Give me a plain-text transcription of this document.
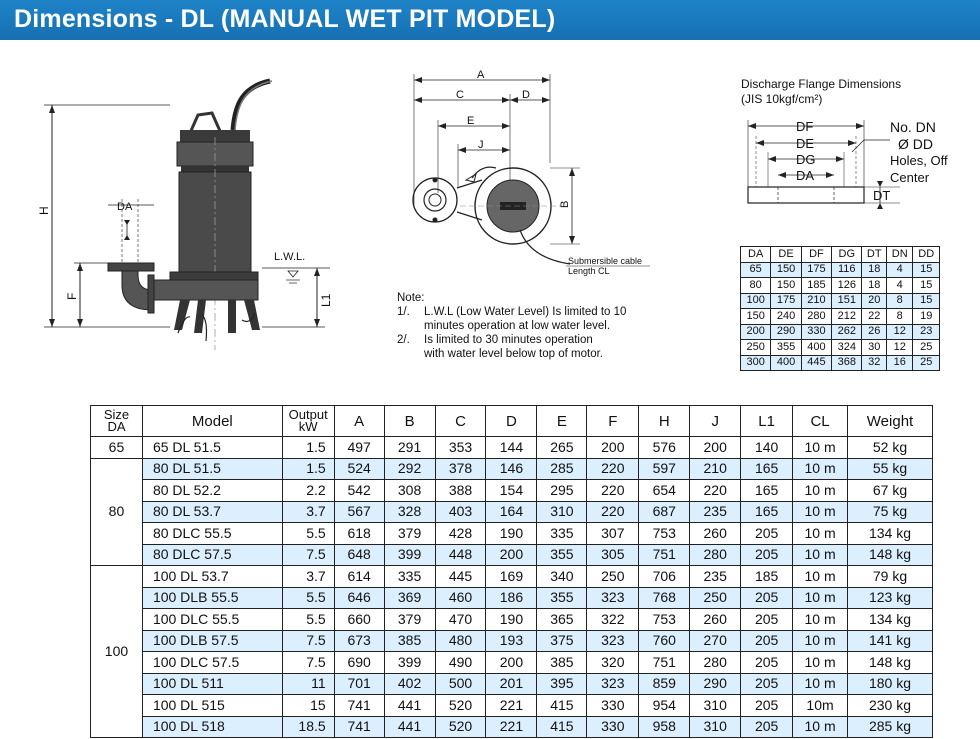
Dimensions - DL (MANUAL WET PIT MODEL)
H
F
DA
L.W.L.
L1
A
C	D
E
J
B
Submersible cable
Length CL
Note:
1/.	L.W.L (Low Water Level) Is limited to 10
minutes operation at low water level.
2/.	Is limited to 30 minutes operation
with water level below top of motor.
Discharge Flange Dimensions
(JIS 10kgf/cm²)
DF
DE
DG
DA
No. DN
Ø DD
Holes, Off
Center
DT
DA	DE	DF	DG	DT	DN	DD
65	150	175	116	18	4	15
80	150	185	126	18	4	15
100	175	210	151	20	8	15
150	240	280	212	22	8	19
200	290	330	262	26	12	23
250	355	400	324	30	12	25
300	400	445	368	32	16	25
Size
DA	Model	Output
kW	A	B	C	D	E	F	H	J	L1	CL	Weight
65	65 DL 51.5	1.5	497	291	353	144	265	200	576	200	140	10 m	52 kg
80	80 DL 51.5	1.5	524	292	378	146	285	220	597	210	165	10 m	55 kg
	80 DL 52.2	2.2	542	308	388	154	295	220	654	220	165	10 m	67 kg
	80 DL 53.7	3.7	567	328	403	164	310	220	687	235	165	10 m	75 kg
	80 DLC 55.5	5.5	618	379	428	190	335	307	753	260	205	10 m	134 kg
	80 DLC 57.5	7.5	648	399	448	200	355	305	751	280	205	10 m	148 kg
100	100 DL 53.7	3.7	614	335	445	169	340	250	706	235	185	10 m	79 kg
	100 DLB 55.5	5.5	646	369	460	186	355	323	768	250	205	10 m	123 kg
	100 DLC 55.5	5.5	660	379	470	190	365	322	753	260	205	10 m	134 kg
	100 DLB 57.5	7.5	673	385	480	193	375	323	760	270	205	10 m	141 kg
	100 DLC 57.5	7.5	690	399	490	200	385	320	751	280	205	10 m	148 kg
	100 DL 511	11	701	402	500	201	395	323	859	290	205	10 m	180 kg
	100 DL 515	15	741	441	520	221	415	330	954	310	205	10m	230 kg
	100 DL 518	18.5	741	441	520	221	415	330	958	310	205	10 m	285 kg
